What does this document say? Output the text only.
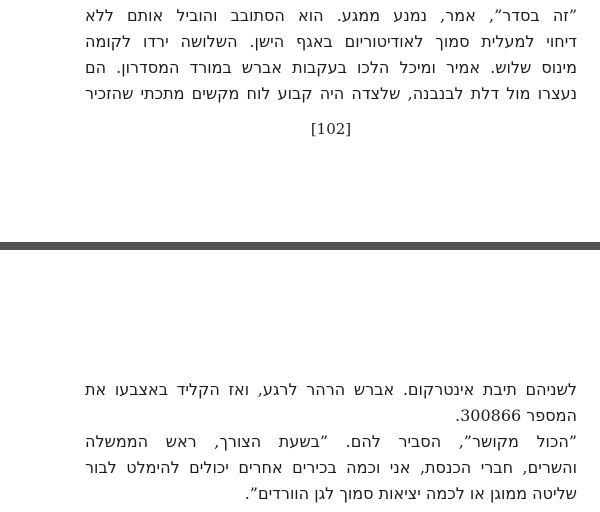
”זה בסדר”, אמר, נמנע ממגע. הוא הסתובב והוביל אותם ללא
דיחוי למעלית סמוך לאודיטוריום באגף הישן. השלושה ירדו לקומה
מינוס שלוש. אמיר ומיכל הלכו בעקבות אברש במורד המסדרון. הם
נעצרו מול דלת לבנבנה, שלצדה היה קבוע לוח מקשים מתכתי שהזכיר
[102]
לשניהם תיבת אינטרקום. אברש הרהר לרגע, ואז הקליד באצבעו את
המספר 300866.
”הכול מקושר”, הסביר להם. ”בשעת הצורך, ראש הממשלה
והשרים, חברי הכנסת, אני וכמה בכירים אחרים יכולים להימלט לבור
שליטה ממוגן או לכמה יציאות סמוך לגן הוורדים”.
